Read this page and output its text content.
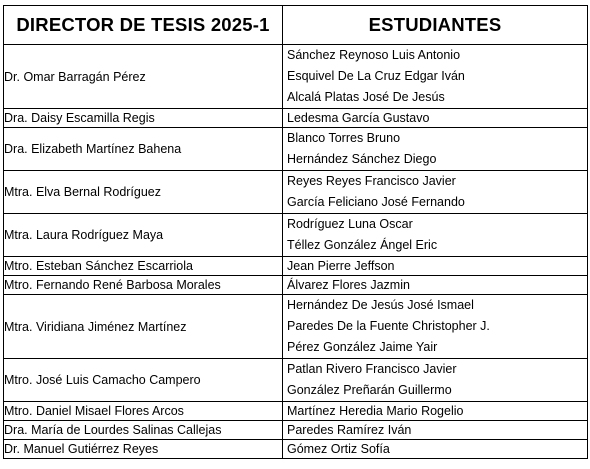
DIRECTOR DE TESIS 2025-1	ESTUDIANTES
Dr. Omar Barragán Pérez	Sánchez Reynoso Luis Antonio
Esquivel De La Cruz Edgar Iván
Alcalá Platas José De Jesús

Dra. Daisy Escamilla Regis	Ledesma García Gustavo

Dra. Elizabeth Martínez Bahena	Blanco Torres Bruno
Hernández Sánchez Diego

Mtra. Elva Bernal Rodríguez	Reyes Reyes Francisco Javier
García Feliciano José Fernando

Mtra. Laura Rodríguez Maya	Rodríguez Luna Oscar
Téllez González Ángel Eric

Mtro. Esteban Sánchez Escarriola	Jean Pierre Jeffson

Mtro. Fernando René Barbosa Morales	Álvarez Flores Jazmin

Mtra. Viridiana Jiménez Martínez	Hernández De Jesús José Ismael
Paredes De la Fuente Christopher J.
Pérez González Jaime Yair

Mtro. José Luis Camacho Campero	Patlan Rivero Francisco Javier
González Preñarán Guillermo

Mtro. Daniel Misael Flores Arcos	Martínez Heredia Mario Rogelio

Dra. María de Lourdes Salinas Callejas	Paredes Ramírez Iván

Dr. Manuel Gutiérrez Reyes	Gómez Ortiz Sofía
